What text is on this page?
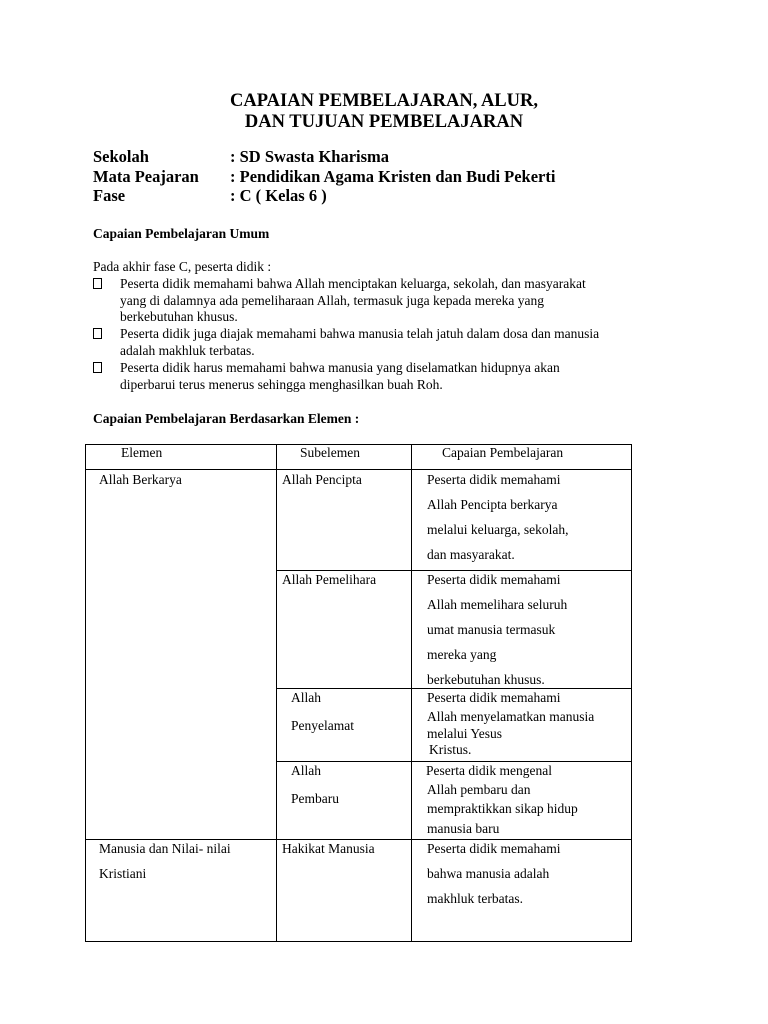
CAPAIAN PEMBELAJARAN, ALUR,
DAN TUJUAN PEMBELAJARAN
Sekolah	: SD Swasta Kharisma
Mata Peajaran : Pendidikan Agama Kristen dan Budi Pekerti
Fase	: C ( Kelas 6 )
Capaian Pembelajaran Umum
Pada akhir fase C, peserta didik :
Peserta didik memahami bahwa Allah menciptakan keluarga, sekolah, dan masyarakat
yang di dalamnya ada pemeliharaan Allah, termasuk juga kepada mereka yang
berkebutuhan khusus.
Peserta didik juga diajak memahami bahwa manusia telah jatuh dalam dosa dan manusia
adalah makhluk terbatas.
Peserta didik harus memahami bahwa manusia yang diselamatkan hidupnya akan
diperbarui terus menerus sehingga menghasilkan buah Roh.
Capaian Pembelajaran Berdasarkan Elemen :
Elemen	Subelemen	Capaian Pembelajaran

Allah Berkarya	Allah Pencipta	Peserta didik memahami
Allah Pencipta berkarya
melalui keluarga, sekolah,
dan masyarakat.

	Allah Pemelihara	Peserta didik memahami
Allah memelihara seluruh
umat manusia termasuk
mereka yang
berkebutuhan khusus.

	Allah
Penyelamat	Peserta didik memahami
Allah menyelamatkan manusia
melalui Yesus
Kristus.

	Allah
Pembaru	Peserta didik mengenal
Allah pembaru dan
mempraktikkan sikap hidup
manusia baru

Manusia dan Nilai- nilai
Kristiani	Hakikat Manusia	Peserta didik memahami
bahwa manusia adalah
makhluk terbatas.
